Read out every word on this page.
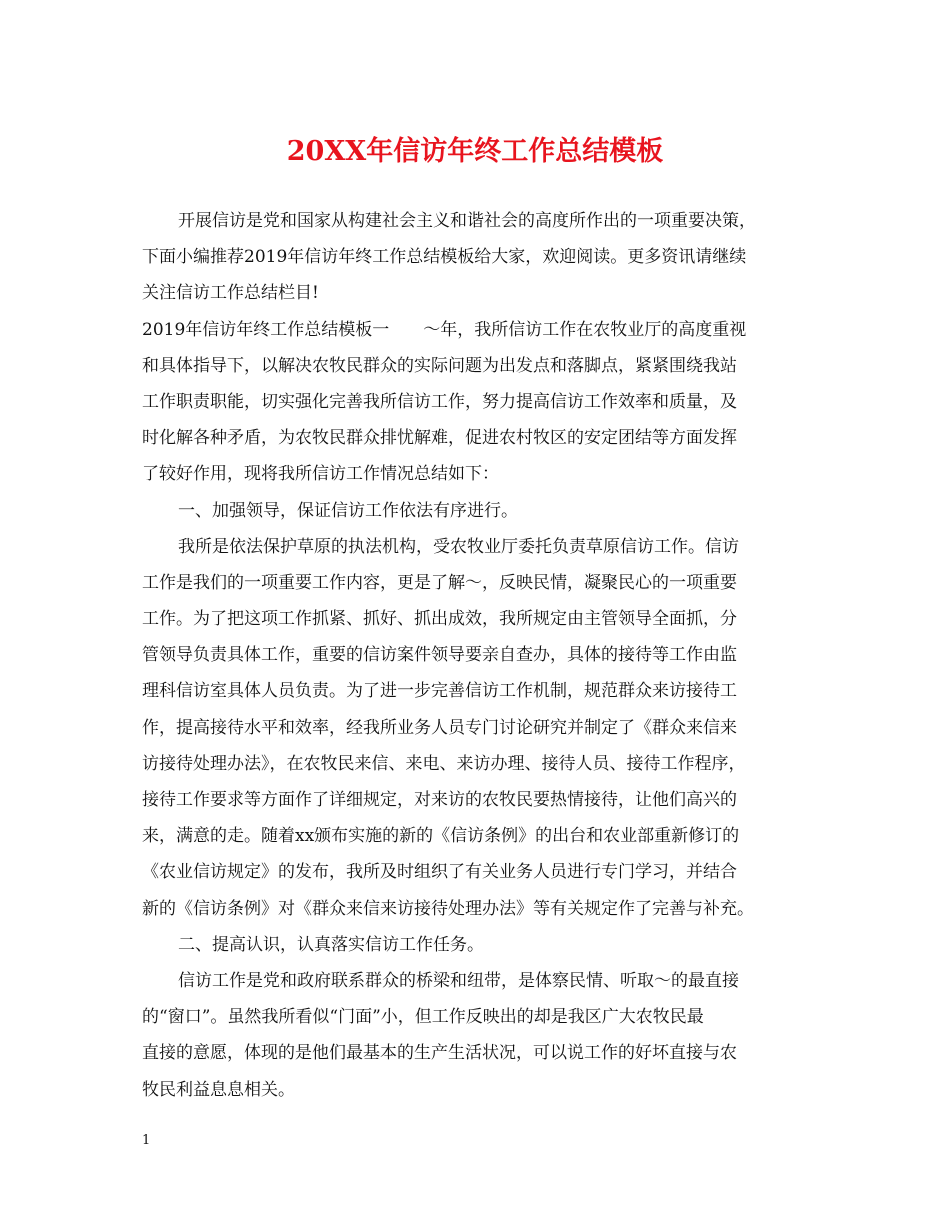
20XX年信访年终工作总结模板
开展信访是党和国家从构建社会主义和谐社会的高度所作出的一项重要决策，
下面小编推荐2019年信访年终工作总结模板给大家，欢迎阅读。更多资讯请继续
关注信访工作总结栏目!
2019年信访年终工作总结模板一　　～年，我所信访工作在农牧业厅的高度重视
和具体指导下，以解决农牧民群众的实际问题为出发点和落脚点，紧紧围绕我站
工作职责职能，切实强化完善我所信访工作，努力提高信访工作效率和质量，及
时化解各种矛盾，为农牧民群众排忧解难，促进农村牧区的安定团结等方面发挥
了较好作用，现将我所信访工作情况总结如下：
一、加强领导，保证信访工作依法有序进行。
我所是依法保护草原的执法机构，受农牧业厅委托负责草原信访工作。信访
工作是我们的一项重要工作内容，更是了解～，反映民情，凝聚民心的一项重要
工作。为了把这项工作抓紧、抓好、抓出成效，我所规定由主管领导全面抓，分
管领导负责具体工作，重要的信访案件领导要亲自查办，具体的接待等工作由监
理科信访室具体人员负责。为了进一步完善信访工作机制，规范群众来访接待工
作，提高接待水平和效率，经我所业务人员专门讨论研究并制定了《群众来信来
访接待处理办法》，在农牧民来信、来电、来访办理、接待人员、接待工作程序，
接待工作要求等方面作了详细规定，对来访的农牧民要热情接待，让他们高兴的
来，满意的走。随着xx颁布实施的新的《信访条例》的出台和农业部重新修订的
《农业信访规定》的发布，我所及时组织了有关业务人员进行专门学习，并结合
新的《信访条例》对《群众来信来访接待处理办法》等有关规定作了完善与补充。
二、提高认识，认真落实信访工作任务。
信访工作是党和政府联系群众的桥梁和纽带，是体察民情、听取～的最直接
的“窗口”。虽然我所看似“门面”小，但工作反映出的却是我区广大农牧民最
直接的意愿，体现的是他们最基本的生产生活状况，可以说工作的好坏直接与农
牧民利益息息相关。
1
